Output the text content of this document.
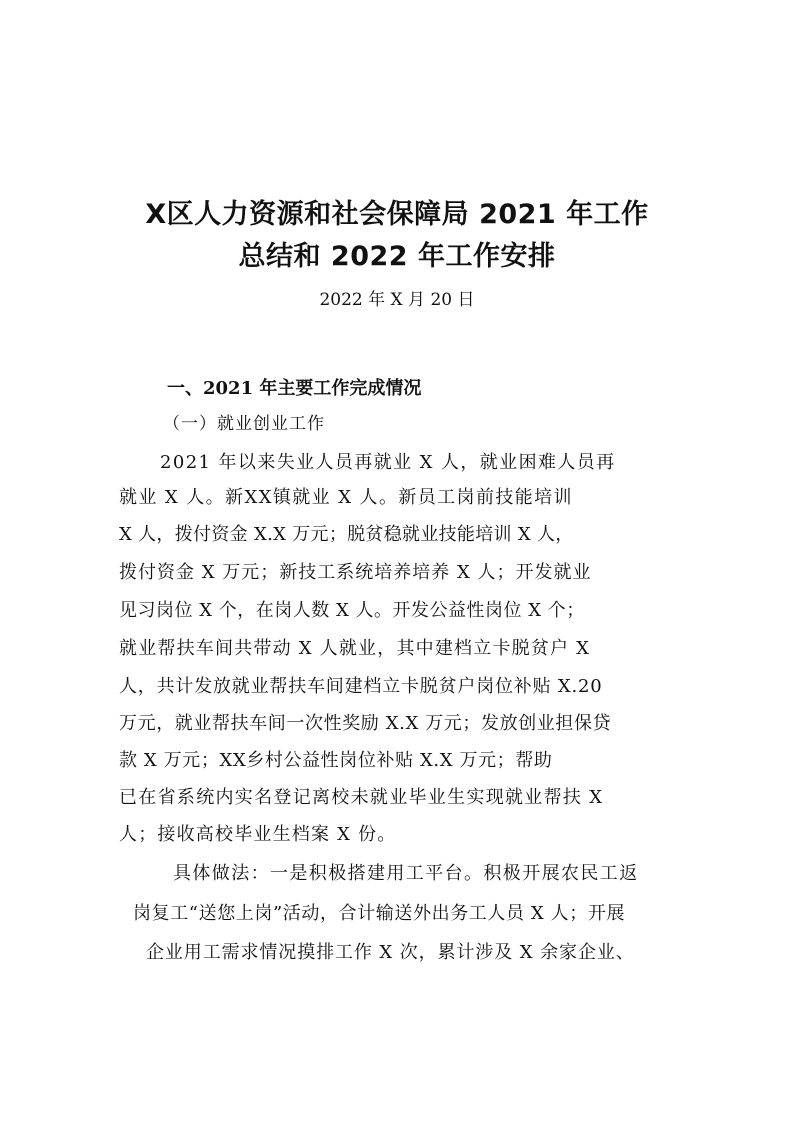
X区人力资源和社会保障局 2021 年工作
总结和 2022 年工作安排
2022 年 X 月 20 日
一、2021 年主要工作完成情况
（一）就业创业工作
2021 年以来失业人员再就业 X 人，就业困难人员再
就业 X 人。新XX镇就业 X 人。新员工岗前技能培训
X 人，拨付资金 X.X 万元；脱贫稳就业技能培训 X 人，
拨付资金 X 万元；新技工系统培养培养 X 人；开发就业
见习岗位 X 个，在岗人数 X 人。开发公益性岗位 X 个；
就业帮扶车间共带动 X 人就业，其中建档立卡脱贫户 X
人，共计发放就业帮扶车间建档立卡脱贫户岗位补贴 X.20
万元，就业帮扶车间一次性奖励 X.X 万元；发放创业担保贷
款 X 万元；XX乡村公益性岗位补贴 X.X 万元；帮助
已在省系统内实名登记离校未就业毕业生实现就业帮扶 X
人；接收高校毕业生档案 X 份。
具体做法：一是积极搭建用工平台。积极开展农民工返
岗复工“送您上岗”活动，合计输送外出务工人员 X 人；开展
企业用工需求情况摸排工作 X 次，累计涉及 X 余家企业、
